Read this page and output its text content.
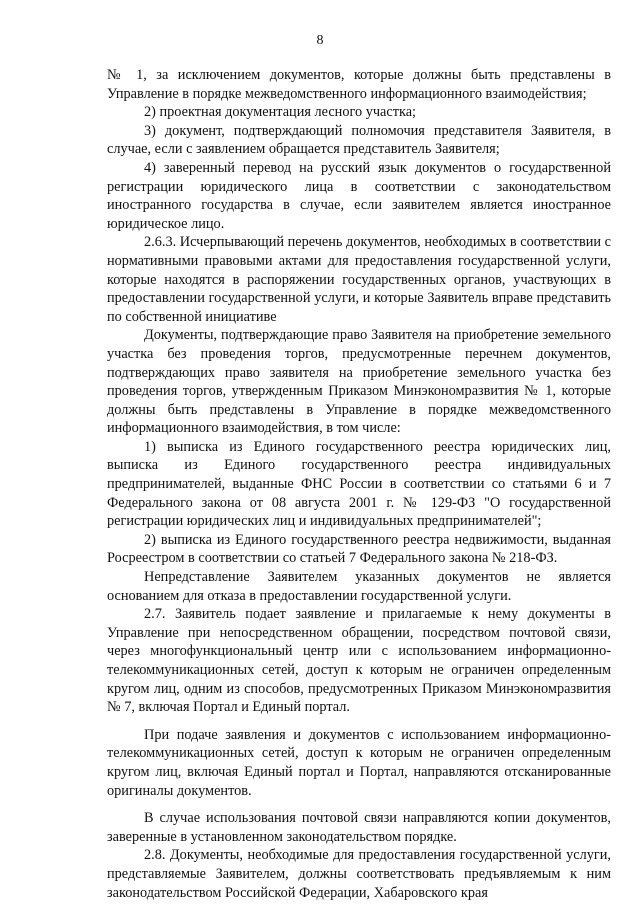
8

№ 1, за исключением документов, которые должны быть представлены в Управление в порядке межведомственного информационного взаимодействия;

2) проектная документация лесного участка;

3) документ, подтверждающий полномочия представителя Заявителя, в случае, если с заявлением обращается представитель Заявителя;

4) заверенный перевод на русский язык документов о государственной регистрации юридического лица в соответствии с законодательством иностранного государства в случае, если заявителем является иностранное юридическое лицо.

2.6.3. Исчерпывающий перечень документов, необходимых в соответствии с нормативными правовыми актами для предоставления государственной услуги, которые находятся в распоряжении государственных органов, участвующих в предоставлении государственной услуги, и которые Заявитель вправе представить по собственной инициативе

Документы, подтверждающие право Заявителя на приобретение земельного участка без проведения торгов, предусмотренные перечнем документов, подтверждающих право заявителя на приобретение земельного участка без проведения торгов, утвержденным Приказом Минэкономразвития № 1, которые должны быть представлены в Управление в порядке межведомственного информационного взаимодействия, в том числе:

1) выписка из Единого государственного реестра юридических лиц, выписка из Единого государственного реестра индивидуальных предпринимателей, выданные ФНС России в соответствии со статьями 6 и 7 Федерального закона от 08 августа 2001 г. № 129-ФЗ "О государственной регистрации юридических лиц и индивидуальных предпринимателей";

2) выписка из Единого государственного реестра недвижимости, выданная Росреестром в соответствии со статьей 7 Федерального закона № 218-ФЗ.

Непредставление Заявителем указанных документов не является основанием для отказа в предоставлении государственной услуги.

2.7. Заявитель подает заявление и прилагаемые к нему документы в Управление при непосредственном обращении, посредством почтовой связи, через многофункциональный центр или с использованием информационно-телекоммуникационных сетей, доступ к которым не ограничен определенным кругом лиц, одним из способов, предусмотренных Приказом Минэкономразвития № 7, включая Портал и Единый портал.

При подаче заявления и документов с использованием информационно-телекоммуникационных сетей, доступ к которым не ограничен определенным кругом лиц, включая Единый портал и Портал, направляются отсканированные оригиналы документов.

В случае использования почтовой связи направляются копии документов, заверенные в установленном законодательством порядке.

2.8. Документы, необходимые для предоставления государственной услуги, представляемые Заявителем, должны соответствовать предъявляемым к ним законодательством Российской Федерации, Хабаровского края
